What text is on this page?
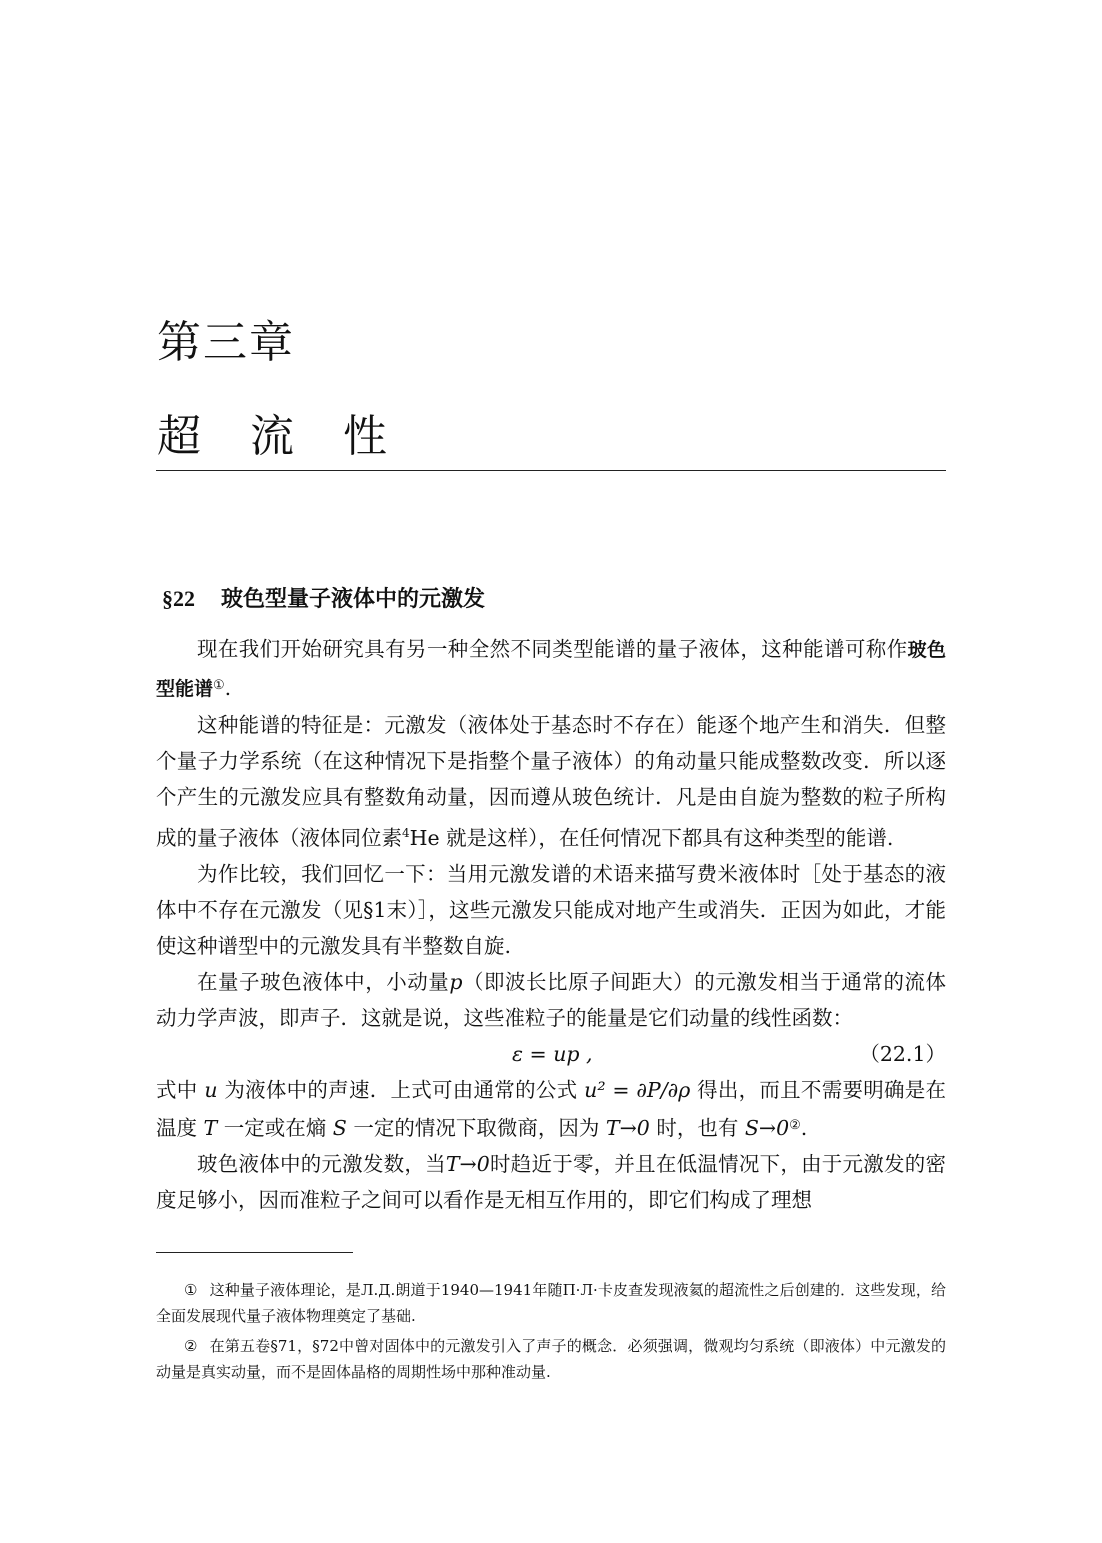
第三章
超流性
§22 玻色型量子液体中的元激发

现在我们开始研究具有另一种全然不同类型能谱的量子液体，这种能谱可称作玻色型能谱①.

这种能谱的特征是：元激发（液体处于基态时不存在）能逐个地产生和消失．但整个量子力学系统（在这种情况下是指整个量子液体）的角动量只能成整数改变．所以逐个产生的元激发应具有整数角动量，因而遵从玻色统计．凡是由自旋为整数的粒子所构成的量子液体（液体同位素$^4$He 就是这样），在任何情况下都具有这种类型的能谱.

为作比较，我们回忆一下：当用元激发谱的术语来描写费米液体时［处于基态的液体中不存在元激发（见§1末）］，这些元激发只能成对地产生或消失．正因为如此，才能使这种谱型中的元激发具有半整数自旋.

在量子玻色液体中，小动量p（即波长比原子间距大）的元激发相当于通常的流体动力学声波，即声子．这就是说，这些准粒子的能量是它们动量的线性函数：

ε = up ,	（22.1）

式中 u 为液体中的声速．上式可由通常的公式 u² = ∂P/∂ρ 得出，而且不需要明确是在温度 T 一定或在熵 S 一定的情况下取微商，因为 T→0 时，也有 S→0②.

玻色液体中的元激发数，当T→0时趋近于零，并且在低温情况下，由于元激发的密度足够小，因而准粒子之间可以看作是无相互作用的，即它们构成了理想

① 这种量子液体理论，是Л.Д.朗道于1940—1941年随П·Л·卡皮查发现液氦的超流性之后创建的．这些发现，给全面发展现代量子液体物理奠定了基础.

② 在第五卷§71，§72中曾对固体中的元激发引入了声子的概念．必须强调，微观均匀系统（即液体）中元激发的动量是真实动量，而不是固体晶格的周期性场中那种准动量.
